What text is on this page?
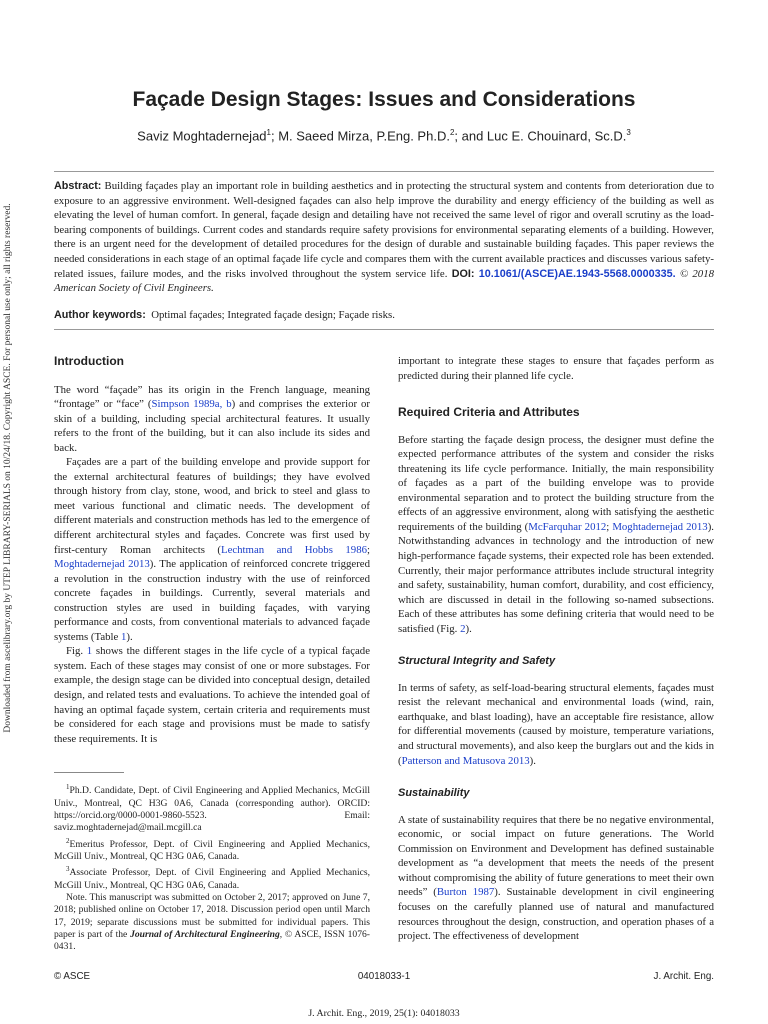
Downloaded from ascelibrary.org by UTEP LIBRARY-SERIALS on 10/24/18. Copyright ASCE. For personal use only; all rights reserved.
Façade Design Stages: Issues and Considerations
Saviz Moghtadernejad$^1$; M. Saeed Mirza, P.Eng. Ph.D.$^2$; and Luc E. Chouinard, Sc.D.$^3$

Abstract: Building façades play an important role in building aesthetics and in protecting the structural system and contents from deterioration due to exposure to an aggressive environment. Well-designed façades can also help improve the durability and energy efficiency of the building as well as elevating the level of human comfort. In general, façade design and detailing have not received the same level of rigor and overall scrutiny as the load-bearing components of buildings. Current codes and standards require safety provisions for environmental separating elements of a building. However, there is an urgent need for the development of detailed procedures for the design of durable and sustainable building façades. This paper reviews the needed considerations in each stage of an optimal façade life cycle and compares them with the current available practices and discusses various safety-related issues, failure modes, and the risks involved throughout the system service life. DOI: 10.1061/(ASCE)AE.1943-5568.0000335. © 2018 American Society of Civil Engineers.

Author keywords: Optimal façades; Integrated façade design; Façade risks.

Introduction

The word “façade” has its origin in the French language, meaning “frontage” or “face” (Simpson 1989a, b) and comprises the exterior or skin of a building, including special architectural features. It usually refers to the front of the building, but it can also include its sides and back.

Façades are a part of the building envelope and provide support for the external architectural features of buildings; they have evolved through history from clay, stone, wood, and brick to steel and glass to meet various functional and climatic needs. The development of different materials and construction methods has led to the emergence of different architectural styles and façades. Concrete was first used by first-century Roman architects (Lechtman and Hobbs 1986; Moghtadernejad 2013). The application of reinforced concrete triggered a revolution in the construction industry with the use of reinforced concrete façades in buildings. Currently, several materials and construction styles are used in building façades, with varying performance and costs, from conventional materials to advanced façade systems (Table 1).

Fig. 1 shows the different stages in the life cycle of a typical façade system. Each of these stages may consist of one or more substages. For example, the design stage can be divided into conceptual design, detailed design, and related tests and evaluations. To achieve the intended goal of having an optimal façade system, certain criteria and requirements must be considered for each stage and provisions must be made to satisfy these requirements. It is

$^1$Ph.D. Candidate, Dept. of Civil Engineering and Applied Mechanics, McGill Univ., Montreal, QC H3G 0A6, Canada (corresponding author). ORCID: https://orcid.org/0000-0001-9860-5523. Email: saviz.moghtadernejad@mail.mcgill.ca

$^2$Emeritus Professor, Dept. of Civil Engineering and Applied Mechanics, McGill Univ., Montreal, QC H3G 0A6, Canada.

$^3$Associate Professor, Dept. of Civil Engineering and Applied Mechanics, McGill Univ., Montreal, QC H3G 0A6, Canada.

Note. This manuscript was submitted on October 2, 2017; approved on June 7, 2018; published online on October 17, 2018. Discussion period open until March 17, 2019; separate discussions must be submitted for individual papers. This paper is part of the Journal of Architectural Engineering, © ASCE, ISSN 1076-0431.

important to integrate these stages to ensure that façades perform as predicted during their planned life cycle.

Required Criteria and Attributes

Before starting the façade design process, the designer must define the expected performance attributes of the system and consider the risks threatening its life cycle performance. Initially, the main responsibility of façades as a part of the building envelope was to provide environmental separation and to protect the building structure from the effects of an aggressive environment, along with satisfying the aesthetic requirements of the building (McFarquhar 2012; Moghtadernejad 2013). Notwithstanding advances in technology and the introduction of new high-performance façade systems, their expected role has been extended. Currently, their major performance attributes include structural integrity and safety, sustainability, human comfort, durability, and cost efficiency, which are discussed in detail in the following so-named subsections. Each of these attributes has some defining criteria that would need to be satisfied (Fig. 2).

Structural Integrity and Safety

In terms of safety, as self-load-bearing structural elements, façades must resist the relevant mechanical and environmental loads (wind, rain, earthquake, and blast loading), have an acceptable fire resistance, allow for differential movements (caused by moisture, temperature variations, and structural movements), and also keep the burglars out and the kids in (Patterson and Matusova 2013).

Sustainability

A state of sustainability requires that there be no negative environmental, economic, or social impact on future generations. The World Commission on Environment and Development has defined sustainable development as “a development that meets the needs of the present without compromising the ability of future generations to meet their own needs” (Burton 1987). Sustainable development in civil engineering focuses on the carefully planned use of natural and manufactured resources throughout the design, construction, and operation phases of a project. The effectiveness of development

© ASCE	04018033-1	J. Archit. Eng.
J. Archit. Eng., 2019, 25(1): 04018033
